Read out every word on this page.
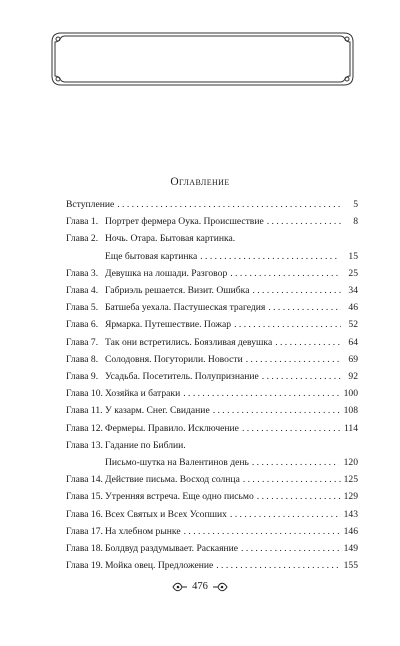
Оглавление
Вступление . . .	5
Глава 1. Портрет фермера Оука. Происшествие . . .	8
Глава 2. Ночь. Отара. Бытовая картинка.
Еще бытовая картинка . . .	15
Глава 3. Девушка на лошади. Разговор . . .	25
Глава 4. Габриэль решается. Визит. Ошибка . . .	34
Глава 5. Батшеба уехала. Пастушеская трагедия . . .	46
Глава 6. Ярмарка. Путешествие. Пожар . . .	52
Глава 7. Так они встретились. Боязливая девушка . . .	64
Глава 8. Солодовня. Погуторили. Новости . . .	69
Глава 9. Усадьба. Посетитель. Полупризнание . . .	92
Глава 10. Хозяйка и батраки . . .	100
Глава 11. У казарм. Снег. Свидание . . .	108
Глава 12. Фермеры. Правило. Исключение . . .	114
Глава 13. Гадание по Библии.
Письмо-шутка на Валентинов день . . .	120
Глава 14. Действие письма. Восход солнца . . .	125
Глава 15. Утренняя встреча. Еще одно письмо . . .	129
Глава 16. Всех Святых и Всех Усопших . . .	143
Глава 17. На хлебном рынке . . .	146
Глава 18. Болдвуд раздумывает. Раскаяние . . .	149
Глава 19. Мойка овец. Предложение . . .	155
476
